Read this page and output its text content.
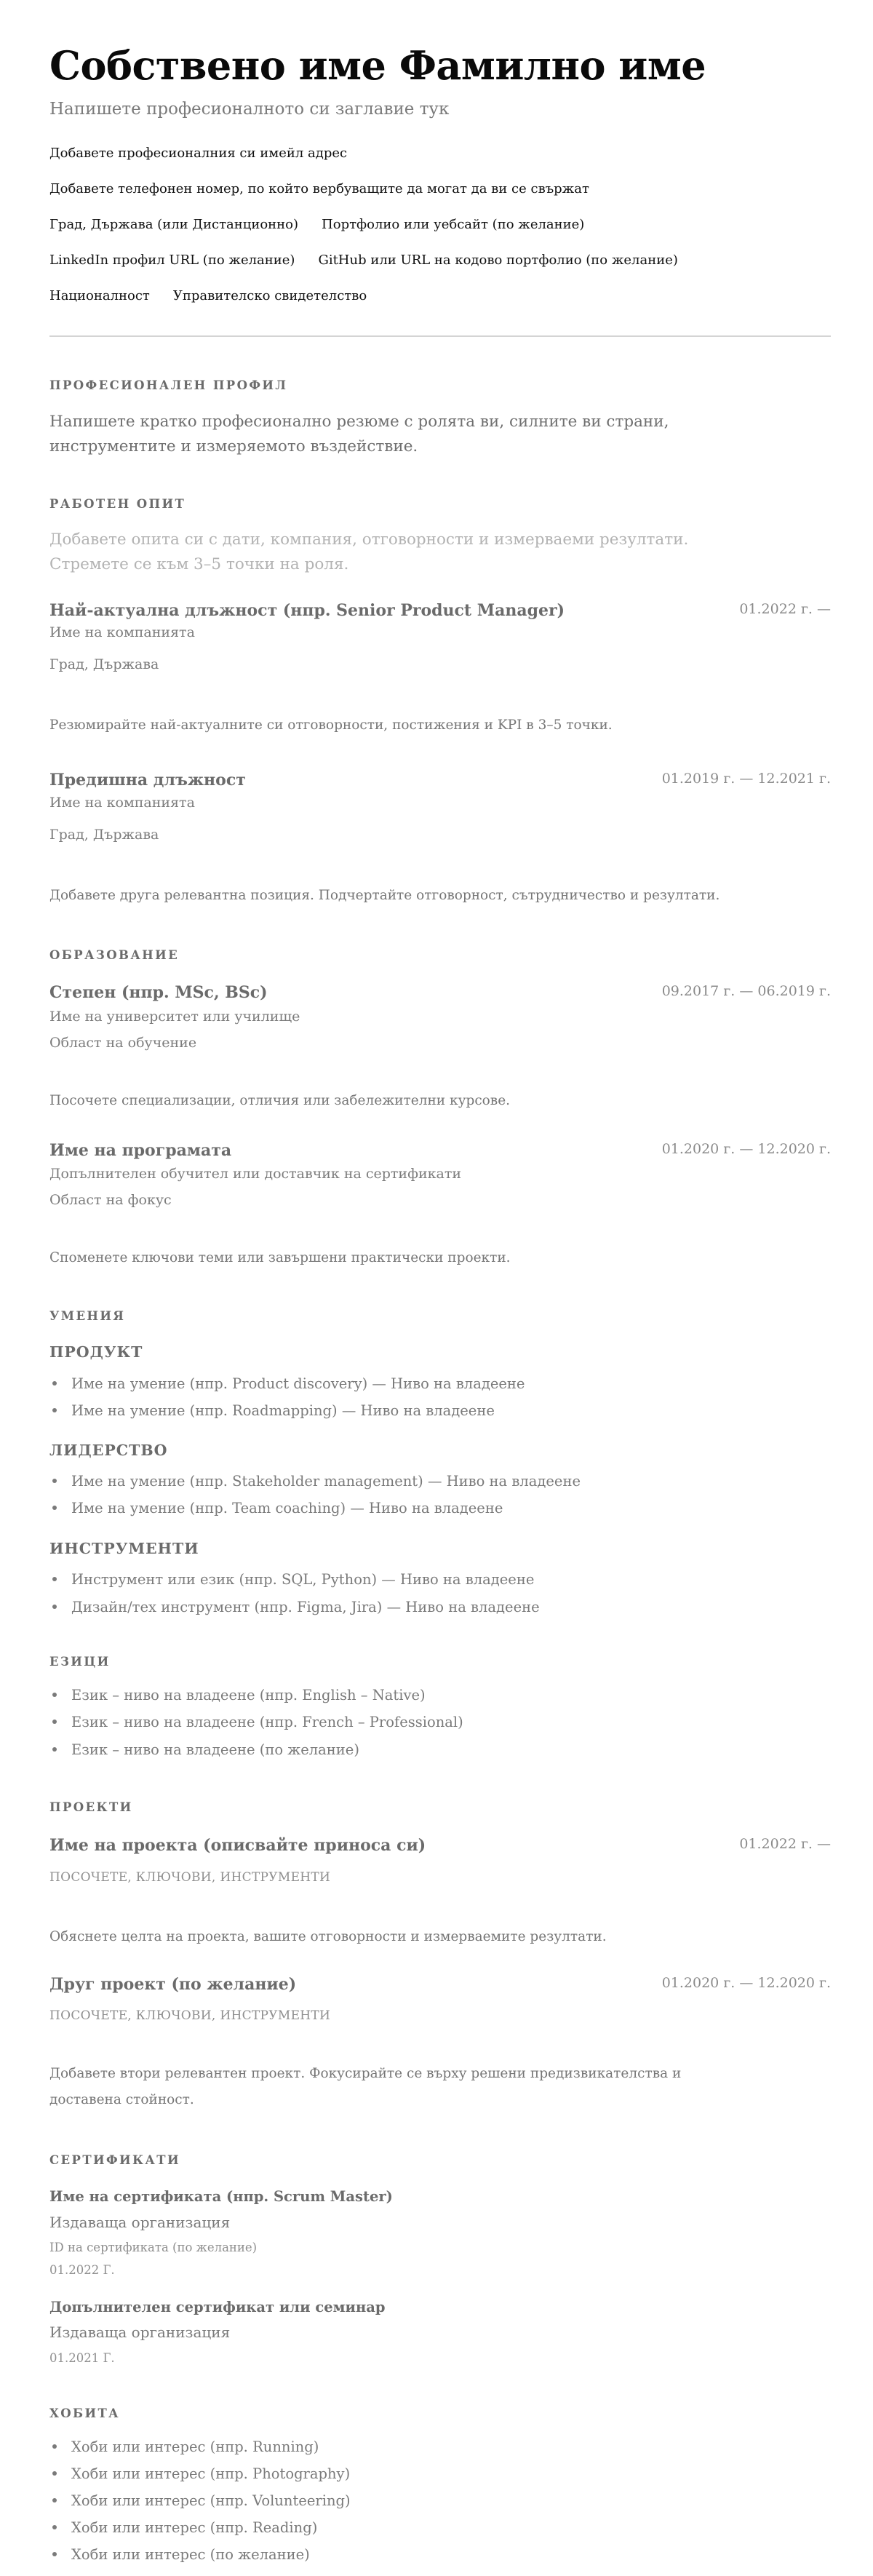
Собствено име Фамилно име
Напишете професионалното си заглавие тук
Добавете професионалния си имейл адрес
Добавете телефонен номер, по който вербуващите да могат да ви се свържат
Град, Държава (или Дистанционно) Портфолио или уебсайт (по желание)
LinkedIn профил URL (по желание) GitHub или URL на кодово портфолио (по желание)
Националност Управителско свидетелство
ПРОФЕСИОНАЛЕН ПРОФИЛ
Напишете кратко професионално резюме с ролята ви, силните ви страни,
инструментите и измеряемото въздействие.
РАБОТЕН ОПИТ
Добавете опита си с дати, компания, отговорности и измерваеми резултати.
Стремете се към 3–5 точки на роля.
Най-актуална длъжност (нпр. Senior Product Manager)	01.2022 г. —
Име на компанията
Град, Държава
Резюмирайте най-актуалните си отговорности, постижения и KPI в 3–5 точки.
Предишна длъжност	01.2019 г. — 12.2021 г.
Име на компанията
Град, Държава
Добавете друга релевантна позиция. Подчертайте отговорност, сътрудничество и резултати.
ОБРАЗОВАНИЕ
Степен (нпр. MSc, BSc)	09.2017 г. — 06.2019 г.
Име на университет или училище
Област на обучение
Посочете специализации, отличия или забележителни курсове.
Име на програмата	01.2020 г. — 12.2020 г.
Допълнителен обучител или доставчик на сертификати
Област на фокус
Споменете ключови теми или завършени практически проекти.
УМЕНИЯ
ПРОДУКТ
Име на умение (нпр. Product discovery) — Ниво на владеене
Име на умение (нпр. Roadmapping) — Ниво на владеене
ЛИДЕРСТВО
Име на умение (нпр. Stakeholder management) — Ниво на владеене
Име на умение (нпр. Team coaching) — Ниво на владеене
ИНСТРУМЕНТИ
Инструмент или език (нпр. SQL, Python) — Ниво на владеене
Дизайн/тех инструмент (нпр. Figma, Jira) — Ниво на владеене
ЕЗИЦИ
Език – ниво на владеене (нпр. English – Native)
Език – ниво на владеене (нпр. French – Professional)
Език – ниво на владеене (по желание)
ПРОЕКТИ
Име на проекта (описвайте приноса си)	01.2022 г. —
ПОСОЧЕТЕ, КЛЮЧОВИ, ИНСТРУМЕНТИ
Обяснете целта на проекта, вашите отговорности и измерваемите резултати.
Друг проект (по желание)	01.2020 г. — 12.2020 г.
ПОСОЧЕТЕ, КЛЮЧОВИ, ИНСТРУМЕНТИ
Добавете втори релевантен проект. Фокусирайте се върху решени предизвикателства и
доставена стойност.
СЕРТИФИКАТИ
Име на сертификата (нпр. Scrum Master)
Издаваща организация
ID на сертификата (по желание)
01.2022 Г.
Допълнителен сертификат или семинар
Издаваща организация
01.2021 Г.
ХОБИТА
Хоби или интерес (нпр. Running)
Хоби или интерес (нпр. Photography)
Хоби или интерес (нпр. Volunteering)
Хоби или интерес (нпр. Reading)
Хоби или интерес (по желание)
